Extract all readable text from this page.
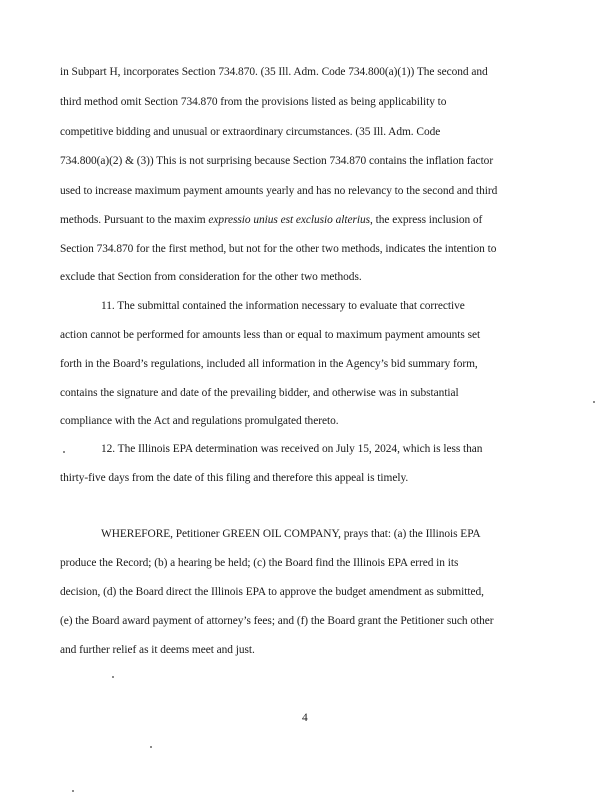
in Subpart H, incorporates Section 734.870. (35 Ill. Adm. Code 734.800(a)(1)) The second and
third method omit Section 734.870 from the provisions listed as being applicability to
competitive bidding and unusual or extraordinary circumstances. (35 Ill. Adm. Code
734.800(a)(2) & (3)) This is not surprising because Section 734.870 contains the inflation factor
used to increase maximum payment amounts yearly and has no relevancy to the second and third
methods. Pursuant to the maxim expressio unius est exclusio alterius, the express inclusion of
Section 734.870 for the first method, but not for the other two methods, indicates the intention to
exclude that Section from consideration for the other two methods.
11. The submittal contained the information necessary to evaluate that corrective
action cannot be performed for amounts less than or equal to maximum payment amounts set
forth in the Board’s regulations, included all information in the Agency’s bid summary form,
contains the signature and date of the prevailing bidder, and otherwise was in substantial
compliance with the Act and regulations promulgated thereto.
12. The Illinois EPA determination was received on July 15, 2024, which is less than
thirty-five days from the date of this filing and therefore this appeal is timely.
WHEREFORE, Petitioner GREEN OIL COMPANY, prays that: (a) the Illinois EPA
produce the Record; (b) a hearing be held; (c) the Board find the Illinois EPA erred in its
decision, (d) the Board direct the Illinois EPA to approve the budget amendment as submitted,
(e) the Board award payment of attorney’s fees; and (f) the Board grant the Petitioner such other
and further relief as it deems meet and just.
4
